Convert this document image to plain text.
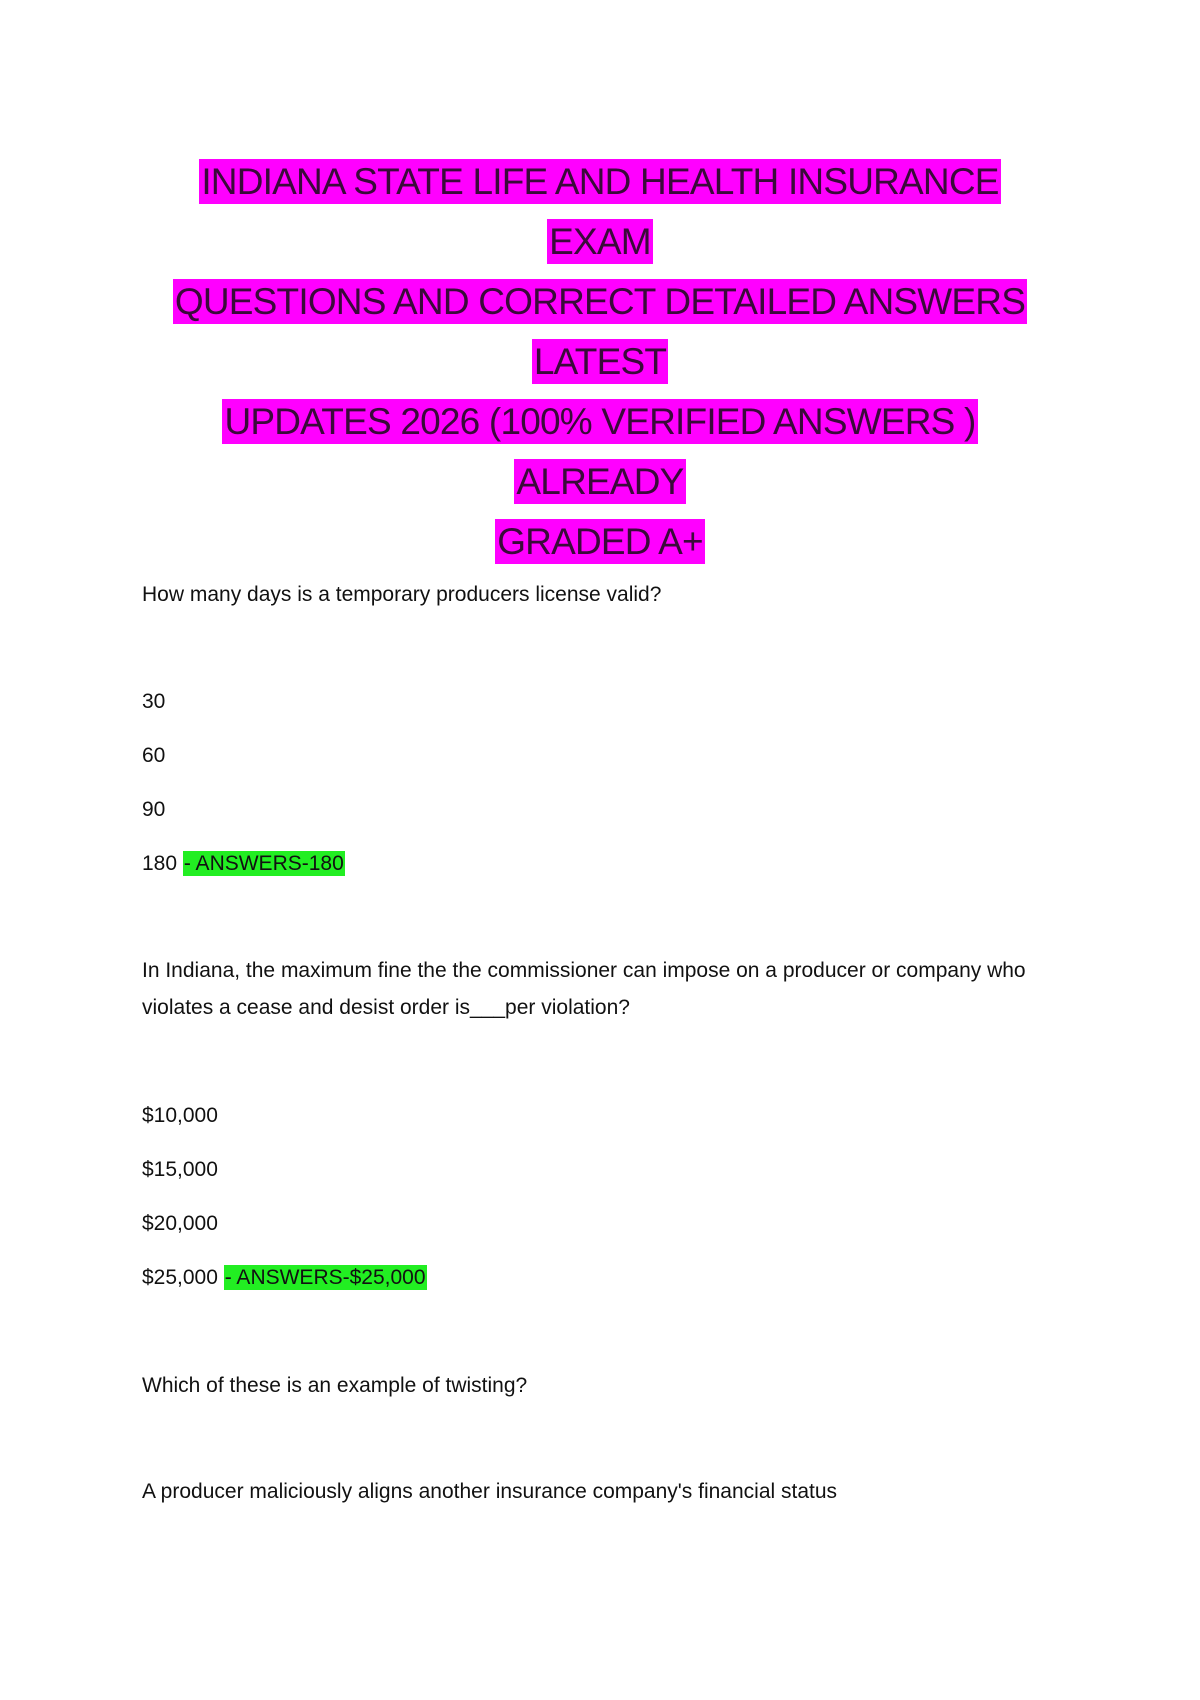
INDIANA STATE LIFE AND HEALTH INSURANCE EXAM
QUESTIONS AND CORRECT DETAILED ANSWERS LATEST
UPDATES 2026 (100% VERIFIED ANSWERS ) ALREADY
GRADED A+
How many days is a temporary producers license valid?
30
60
90
180 - ANSWERS-180
In Indiana, the maximum fine the the commissioner can impose on a producer or company who violates a cease and desist order is___per violation?
$10,000
$15,000
$20,000
$25,000 - ANSWERS-$25,000
Which of these is an example of twisting?
A producer maliciously aligns another insurance company's financial status
